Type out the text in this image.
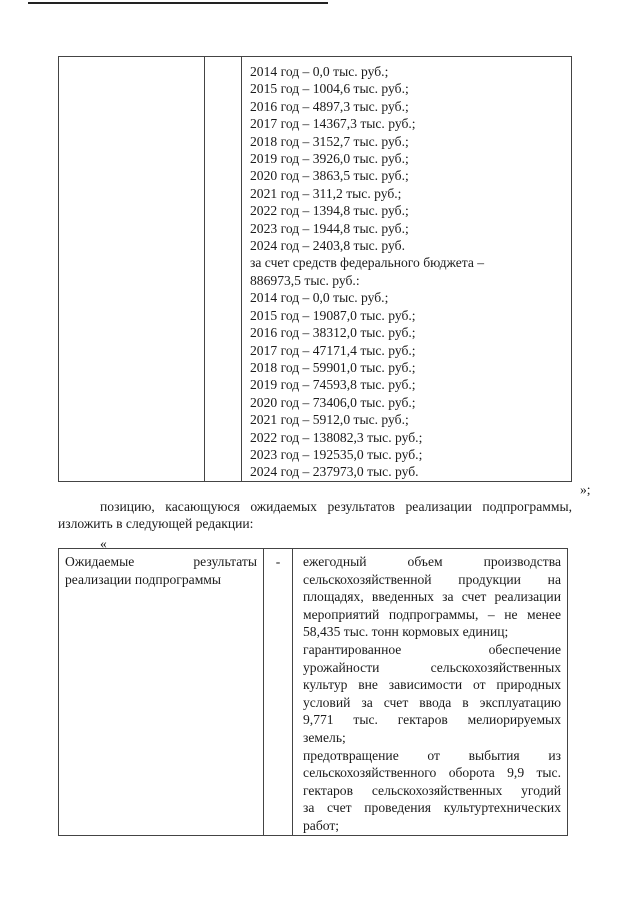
2014 год – 0,0 тыс. руб.;
2015 год – 1004,6 тыс. руб.;
2016 год – 4897,3 тыс. руб.;
2017 год – 14367,3 тыс. руб.;
2018 год – 3152,7 тыс. руб.;
2019 год – 3926,0 тыс. руб.;
2020 год – 3863,5 тыс. руб.;
2021 год – 311,2 тыс. руб.;
2022 год – 1394,8 тыс. руб.;
2023 год – 1944,8 тыс. руб.;
2024 год – 2403,8 тыс. руб.
за счет средств федерального бюджета –
886973,5 тыс. руб.:
2014 год – 0,0 тыс. руб.;
2015 год – 19087,0 тыс. руб.;
2016 год – 38312,0 тыс. руб.;
2017 год – 47171,4 тыс. руб.;
2018 год – 59901,0 тыс. руб.;
2019 год – 74593,8 тыс. руб.;
2020 год – 73406,0 тыс. руб.;
2021 год – 5912,0 тыс. руб.;
2022 год – 138082,3 тыс. руб.;
2023 год – 192535,0 тыс. руб.;
2024 год – 237973,0 тыс. руб.
»;
позицию, касающуюся ожидаемых результатов реализации подпрограммы,
изложить в следующей редакции:
«
Ожидаемые результаты
реализации подпрограммы
	-	ежегодный объем производства
сельскохозяйственной продукции на
площадях, введенных за счет реализации
мероприятий подпрограммы, – не менее
58,435 тыс. тонн кормовых единиц;
гарантированное обеспечение
урожайности сельскохозяйственных
культур вне зависимости от природных
условий за счет ввода в эксплуатацию
9,771 тыс. гектаров мелиорируемых
земель;
предотвращение от выбытия из
сельскохозяйственного оборота 9,9 тыс.
гектаров сельскохозяйственных угодий
за счет проведения культуртехнических
работ;
